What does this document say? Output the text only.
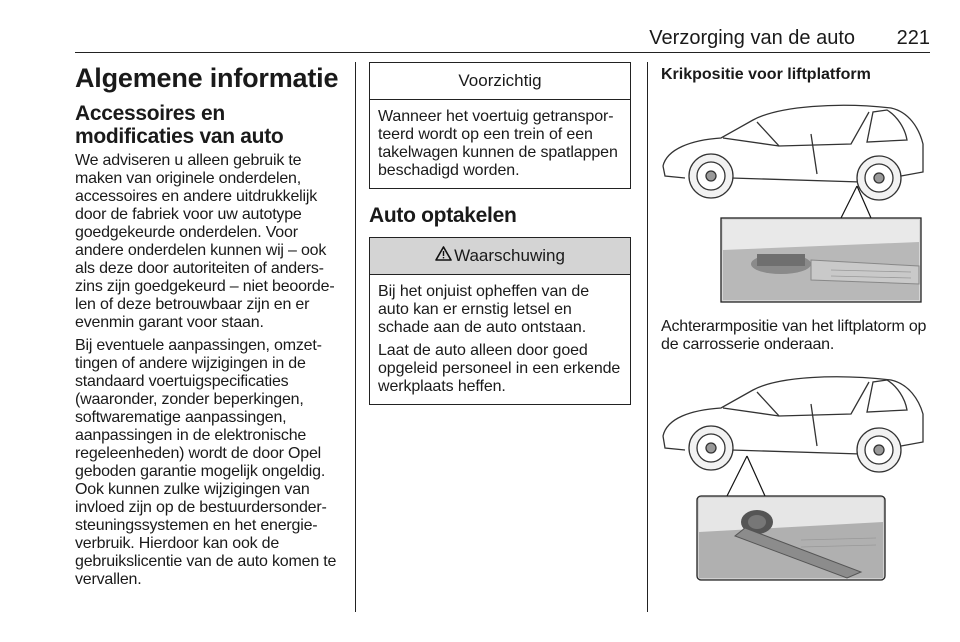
Verzorging van de auto 221
Algemene informatie
Accessoires en modificaties van auto

We adviseren u alleen gebruik te maken van originele onderdelen, accessoires en andere uitdrukkelijk door de fabriek voor uw autotype goedgekeurde onderdelen. Voor andere onderdelen kunnen wij – ook als deze door autoriteiten of anders-zins zijn goedgekeurd – niet beoorde-len of deze betrouwbaar zijn en er evenmin garant voor staan.

Bij eventuele aanpassingen, omzet-tingen of andere wijzigingen in de standaard voertuigspecificaties (waaronder, zonder beperkingen, softwarematige aanpassingen, aanpassingen in de elektronische regeleenheden) wordt de door Opel geboden garantie mogelijk ongeldig. Ook kunnen zulke wijzigingen van invloed zijn op de bestuurdersonder-steuningssystemen en het energie-verbruik. Hierdoor kan ook de gebruikslicentie van de auto komen te vervallen.

Voorzichtig

Wanneer het voertuig getranspor-teerd wordt op een trein of een takelwagen kunnen de spatlappen beschadigd worden.

Auto optakelen
Waarschuwing

Bij het onjuist opheffen van de auto kan er ernstig letsel en schade aan de auto ontstaan.

Laat de auto alleen door goed opgeleid personeel in een erkende werkplaats heffen.

Krikpositie voor liftplatform

Achterarmpositie van het liftplatorm op de carrosserie onderaan.
